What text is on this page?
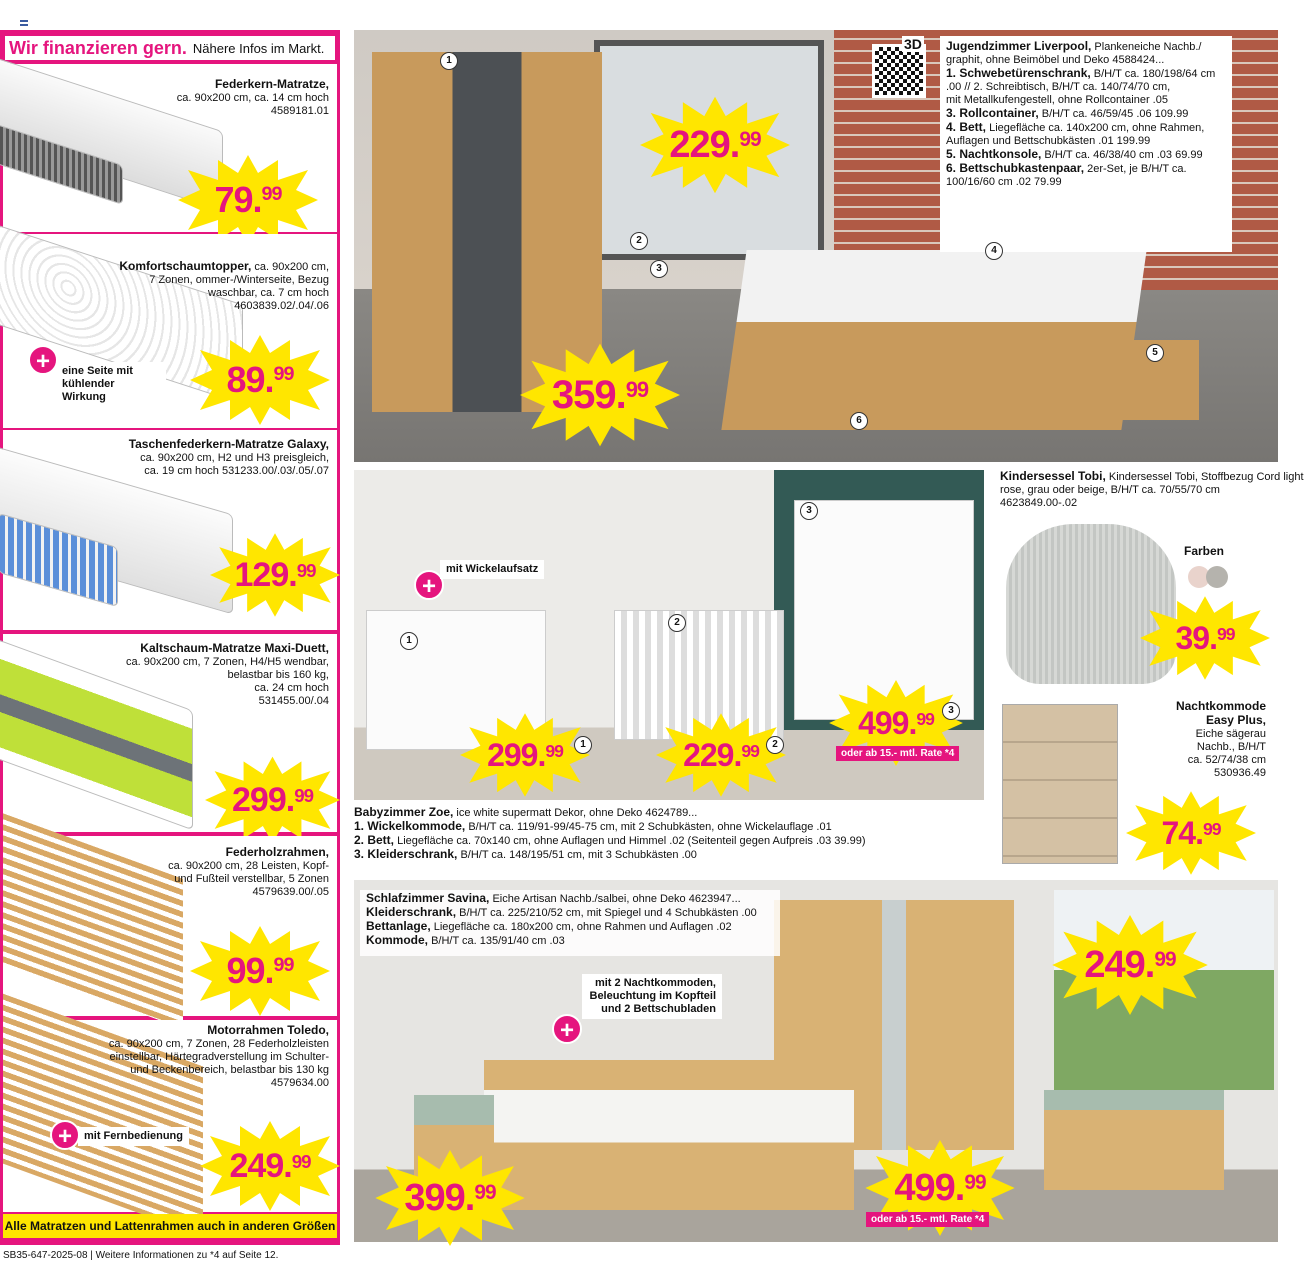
Wir finanzieren gern. Nähere Infos im Markt.
Federkern-Matratze,
ca. 90x200 cm, ca. 14 cm hoch
4589181.01
79.99
Komfortschaumtopper, ca. 90x200 cm,
7 Zonen, ommer-/Winterseite, Bezug
waschbar, ca. 7 cm hoch
4603839.02/.04/.06
+	eine Seite mit kühlender Wirkung	89.99
Taschenfederkern-Matratze Galaxy,
ca. 90x200 cm, H2 und H3 preisgleich,
ca. 19 cm hoch 531233.00/.03/.05/.07
129.99
Kaltschaum-Matratze Maxi-Duett,
ca. 90x200 cm, 7 Zonen, H4/H5 wendbar,
belastbar bis 160 kg,
ca. 24 cm hoch
531455.00/.04
299.99
Federholzrahmen,
ca. 90x200 cm, 28 Leisten, Kopf-
und Fußteil verstellbar, 5 Zonen
4579639.00/.05
99.99
Motorrahmen Toledo,
ca. 90x200 cm, 7 Zonen, 28 Federholzleisten
einstellbar, Härtegradverstellung im Schulter-
und Beckenbereich, belastbar bis 130 kg
4579634.00
+	mit Fernbedienung
249.99
Alle Matratzen und Lattenrahmen auch in anderen Größen
SB35-647-2025-08 | Weitere Informationen zu *4 auf Seite 12.
Jugendzimmer Liverpool, Plankeneiche Nachb./
graphit, ohne Beimöbel und Deko 4588424...
1. Schwebetürenschrank, B/H/T ca. 180/198/64 cm
.00 // 2. Schreibtisch, B/H/T ca. 140/74/70 cm,
mit Metallkufengestell, ohne Rollcontainer .05
3. Rollcontainer, B/H/T ca. 46/59/45 .06 109.99
4. Bett, Liegefläche ca. 140x200 cm, ohne Rahmen,
Auflagen und Bettschubkästen .01 199.99
5. Nachtkonsole, B/H/T ca. 46/38/40 cm .03 69.99
6. Bettschubkastenpaar, 2er-Set, je B/H/T ca.
100/16/60 cm .02 79.99
3D
229.99
359.99
1
2
3
4
5
6
Babyzimmer Zoe, ice white supermatt Dekor, ohne Deko 4624789...
1. Wickelkommode, B/H/T ca. 119/91-99/45-75 cm, mit 2 Schubkästen, ohne Wickelauflage .01
2. Bett, Liegefläche ca. 70x140 cm, ohne Auflagen und Himmel .02 (Seitenteil gegen Aufpreis .03 39.99)
3. Kleiderschrank, B/H/T ca. 148/195/51 cm, mit 3 Schubkästen .00
+
mit Wickelaufsatz
299.99	1	229.99	2
499.99	3
oder ab 15.- mtl. Rate *4
1
2
3
Kindersessel Tobi, Kindersessel Tobi, Stoffbezug Cord light
rose, grau oder beige, B/H/T ca. 70/55/70 cm
4623849.00-.02
Farben
39.99
Nachtkommode
Easy Plus,
Eiche sägerau
Nachb., B/H/T
ca. 52/74/38 cm
530936.49
74.99
Schlafzimmer Savina, Eiche Artisan Nachb./salbei, ohne Deko 4623947...
Kleiderschrank, B/H/T ca. 225/210/52 cm, mit Spiegel und 4 Schubkästen .00
Bettanlage, Liegefläche ca. 180x200 cm, ohne Rahmen und Auflagen .02
Kommode, B/H/T ca. 135/91/40 cm .03
+
mit 2 Nachtkommoden, Beleuchtung im Kopfteil und 2 Bettschubladen
249.99
399.99	499.99
oder ab 15.- mtl. Rate *4
